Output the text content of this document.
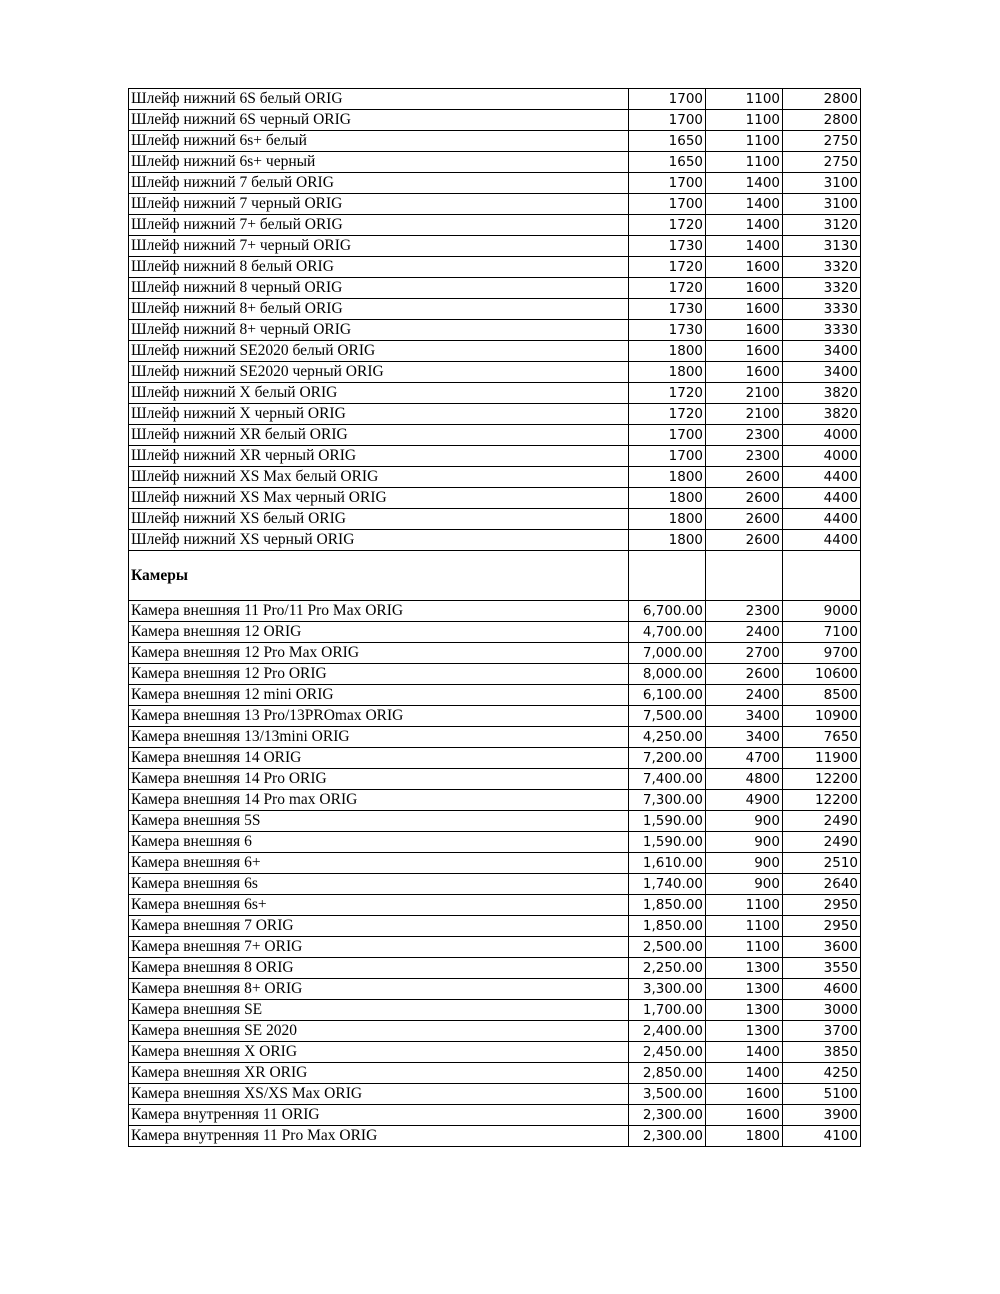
Шлейф нижний 6S белый ORIG	1700	1100	2800
Шлейф нижний 6S черный ORIG	1700	1100	2800
Шлейф нижний 6s+ белый	1650	1100	2750
Шлейф нижний 6s+ черный	1650	1100	2750
Шлейф нижний 7 белый ORIG	1700	1400	3100
Шлейф нижний 7 черный ORIG	1700	1400	3100
Шлейф нижний 7+ белый ORIG	1720	1400	3120
Шлейф нижний 7+ черный ORIG	1730	1400	3130
Шлейф нижний 8 белый ORIG	1720	1600	3320
Шлейф нижний 8 черный ORIG	1720	1600	3320
Шлейф нижний 8+ белый ORIG	1730	1600	3330
Шлейф нижний 8+ черный ORIG	1730	1600	3330
Шлейф нижний SE2020 белый ORIG	1800	1600	3400
Шлейф нижний SE2020 черный ORIG	1800	1600	3400
Шлейф нижний X белый ORIG	1720	2100	3820
Шлейф нижний X черный ORIG	1720	2100	3820
Шлейф нижний XR белый ORIG	1700	2300	4000
Шлейф нижний XR черный ORIG	1700	2300	4000
Шлейф нижний XS Max белый ORIG	1800	2600	4400
Шлейф нижний XS Max черный ORIG	1800	2600	4400
Шлейф нижний XS белый ORIG	1800	2600	4400
Шлейф нижний XS черный ORIG	1800	2600	4400
Камеры			
Камера внешняя 11 Pro/11 Pro Max ORIG	6,700.00	2300	9000
Камера внешняя 12 ORIG	4,700.00	2400	7100
Камера внешняя 12 Pro Max ORIG	7,000.00	2700	9700
Камера внешняя 12 Pro ORIG	8,000.00	2600	10600
Камера внешняя 12 mini ORIG	6,100.00	2400	8500
Камера внешняя 13 Pro/13PROmax ORIG	7,500.00	3400	10900
Камера внешняя 13/13mini ORIG	4,250.00	3400	7650
Камера внешняя 14 ORIG	7,200.00	4700	11900
Камера внешняя 14 Pro ORIG	7,400.00	4800	12200
Камера внешняя 14 Pro max ORIG	7,300.00	4900	12200
Камера внешняя 5S	1,590.00	900	2490
Камера внешняя 6	1,590.00	900	2490
Камера внешняя 6+	1,610.00	900	2510
Камера внешняя 6s	1,740.00	900	2640
Камера внешняя 6s+	1,850.00	1100	2950
Камера внешняя 7 ORIG	1,850.00	1100	2950
Камера внешняя 7+ ORIG	2,500.00	1100	3600
Камера внешняя 8 ORIG	2,250.00	1300	3550
Камера внешняя 8+ ORIG	3,300.00	1300	4600
Камера внешняя SE	1,700.00	1300	3000
Камера внешняя SE 2020	2,400.00	1300	3700
Камера внешняя X ORIG	2,450.00	1400	3850
Камера внешняя XR ORIG	2,850.00	1400	4250
Камера внешняя XS/XS Max ORIG	3,500.00	1600	5100
Камера внутренняя 11 ORIG	2,300.00	1600	3900
Камера внутренняя 11 Pro Max ORIG	2,300.00	1800	4100
